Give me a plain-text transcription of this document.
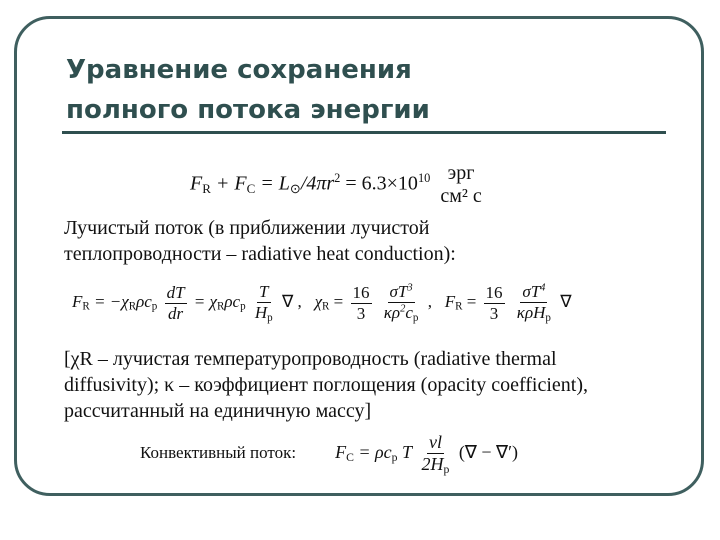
Уравнение сохранения
полного потока энергии
$F_R + F_C = L_⊙/4\pi r^2 = 6.3\times 10^{10}$ эрг
см² с
Лучистый поток (в приближении лучистой
теплопроводности – radiative heat conduction):
$F_R = -\chi_R\rho c_p \frac{dT}{dr} = \chi_R\rho c_p \frac{T}{H_p}$ ∇ , $\chi_R = \frac{16}{3}$
$\frac{\sigma T^3}{\kappa\rho^2c_p}$ , $F_R = \frac{16}{3}$
$\frac{\sigma T^4}{\kappa\rho H_p}$ ∇
[χR – лучистая температуропроводность (radiative thermal
diffusivity); κ – коэффициент поглощения (opacity coefficient),
рассчитанный на единичную массу]
Конвективный поток: $F_C = \rho c_p$ T $\frac{\nu l}{2H_p}$ (∇ − ∇′)
